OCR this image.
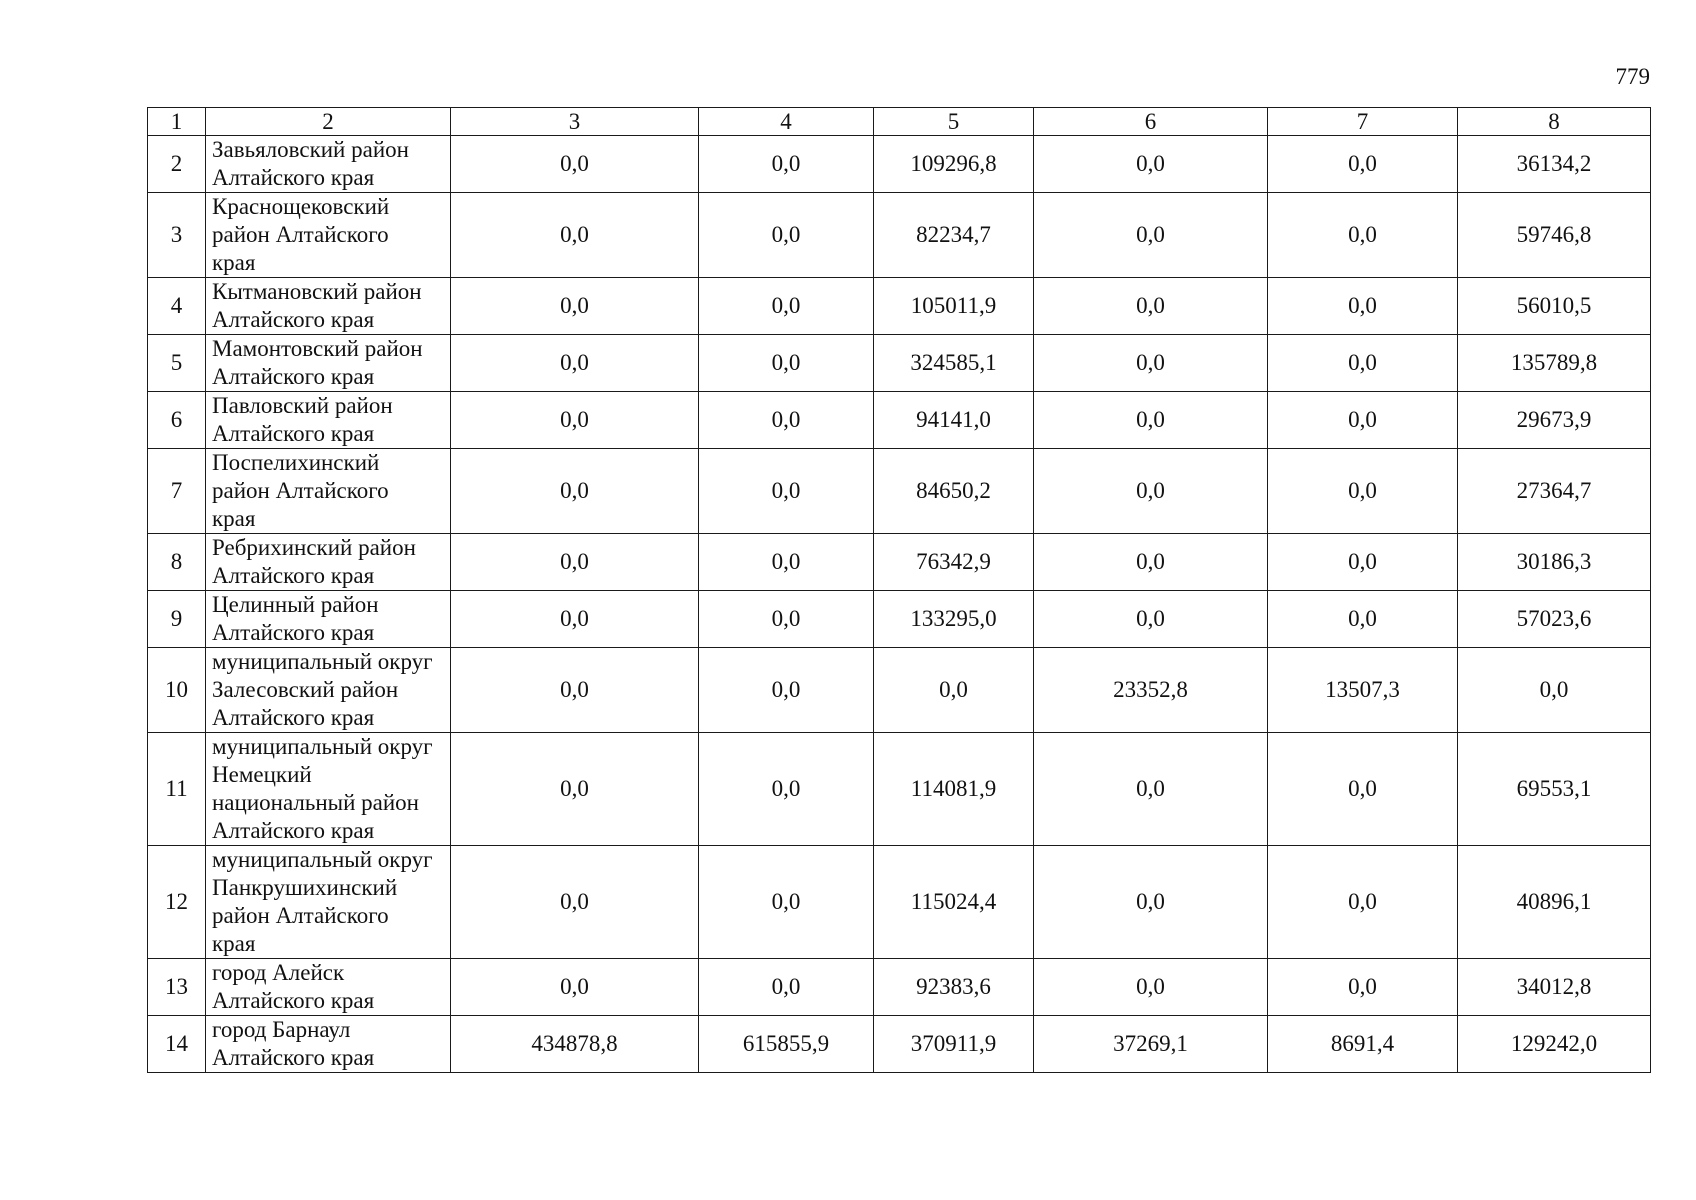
779
1	2	3	4	5	6	7	8
2	Завьяловский район
Алтайского края	0,0	0,0	109296,8	0,0	0,0	36134,2
3	Краснощековский
район Алтайского
края	0,0	0,0	82234,7	0,0	0,0	59746,8
4	Кытмановский район
Алтайского края	0,0	0,0	105011,9	0,0	0,0	56010,5
5	Мамонтовский район
Алтайского края	0,0	0,0	324585,1	0,0	0,0	135789,8
6	Павловский район
Алтайского края	0,0	0,0	94141,0	0,0	0,0	29673,9
7	Поспелихинский
район Алтайского
края	0,0	0,0	84650,2	0,0	0,0	27364,7
8	Ребрихинский район
Алтайского края	0,0	0,0	76342,9	0,0	0,0	30186,3
9	Целинный район
Алтайского края	0,0	0,0	133295,0	0,0	0,0	57023,6
10	муниципальный округ
Залесовский район
Алтайского края	0,0	0,0	0,0	23352,8	13507,3	0,0
11	муниципальный округ
Немецкий
национальный район
Алтайского края	0,0	0,0	114081,9	0,0	0,0	69553,1
12	муниципальный округ
Панкрушихинский
район Алтайского
края	0,0	0,0	115024,4	0,0	0,0	40896,1
13	город Алейск
Алтайского края	0,0	0,0	92383,6	0,0	0,0	34012,8
14	город Барнаул
Алтайского края	434878,8	615855,9	370911,9	37269,1	8691,4	129242,0
